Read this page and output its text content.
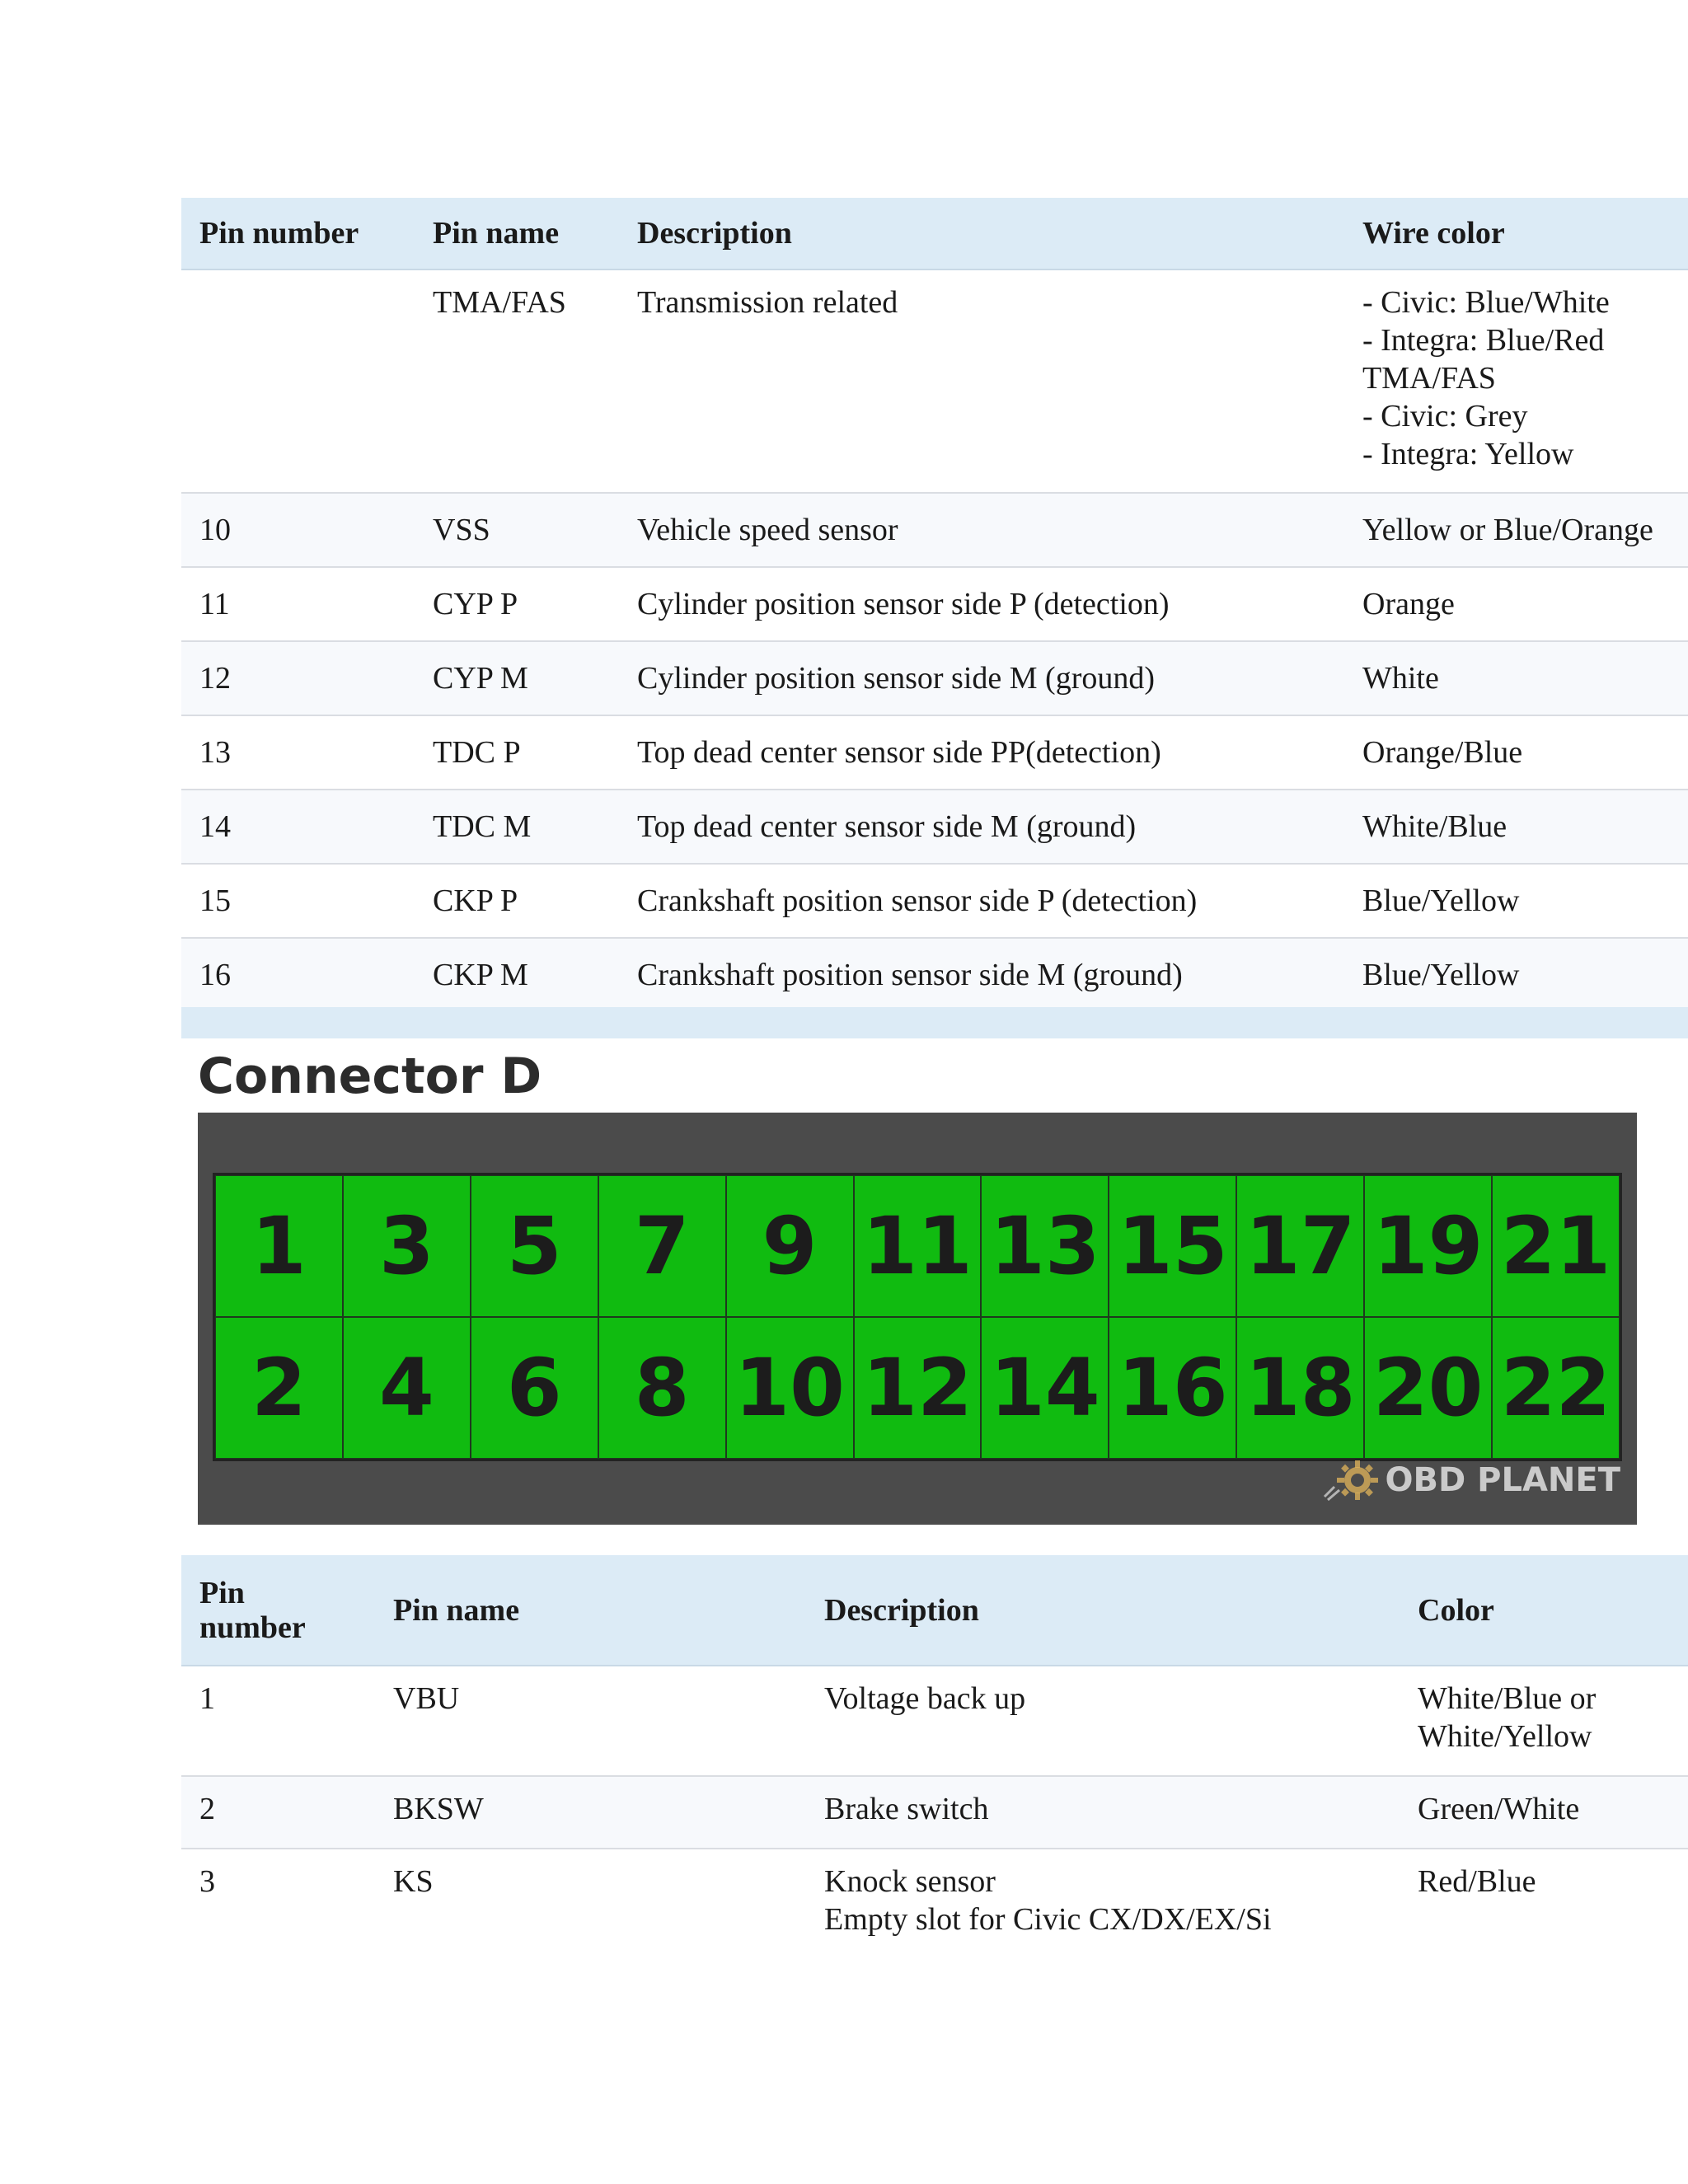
Pin number	Pin name	Description	Wire color
	TMA/FAS	Transmission related	- Civic: Blue/White
- Integra: Blue/Red
TMA/FAS
- Civic: Grey
- Integra: Yellow
10	VSS	Vehicle speed sensor	Yellow or Blue/Orange
11	CYP P	Cylinder position sensor side P (detection)	Orange
12	CYP M	Cylinder position sensor side M (ground)	White
13	TDC P	Top dead center sensor side PP(detection)	Orange/Blue
14	TDC M	Top dead center sensor side M (ground)	White/Blue
15	CKP P	Crankshaft position sensor side P (detection)	Blue/Yellow
16	CKP M	Crankshaft position sensor side M (ground)	Blue/Yellow
Connector D
1 3 5 7 9 11 13 15 17 19 21
2 4 6 8 10 12 14 16 18 20 22
OBD PLANET
Pin
number	Pin name	Description	Color
1	VBU	Voltage back up	White/Blue or
White/Yellow
2	BKSW	Brake switch	Green/White
3	KS	Knock sensor
Empty slot for Civic CX/DX/EX/Si	Red/Blue
